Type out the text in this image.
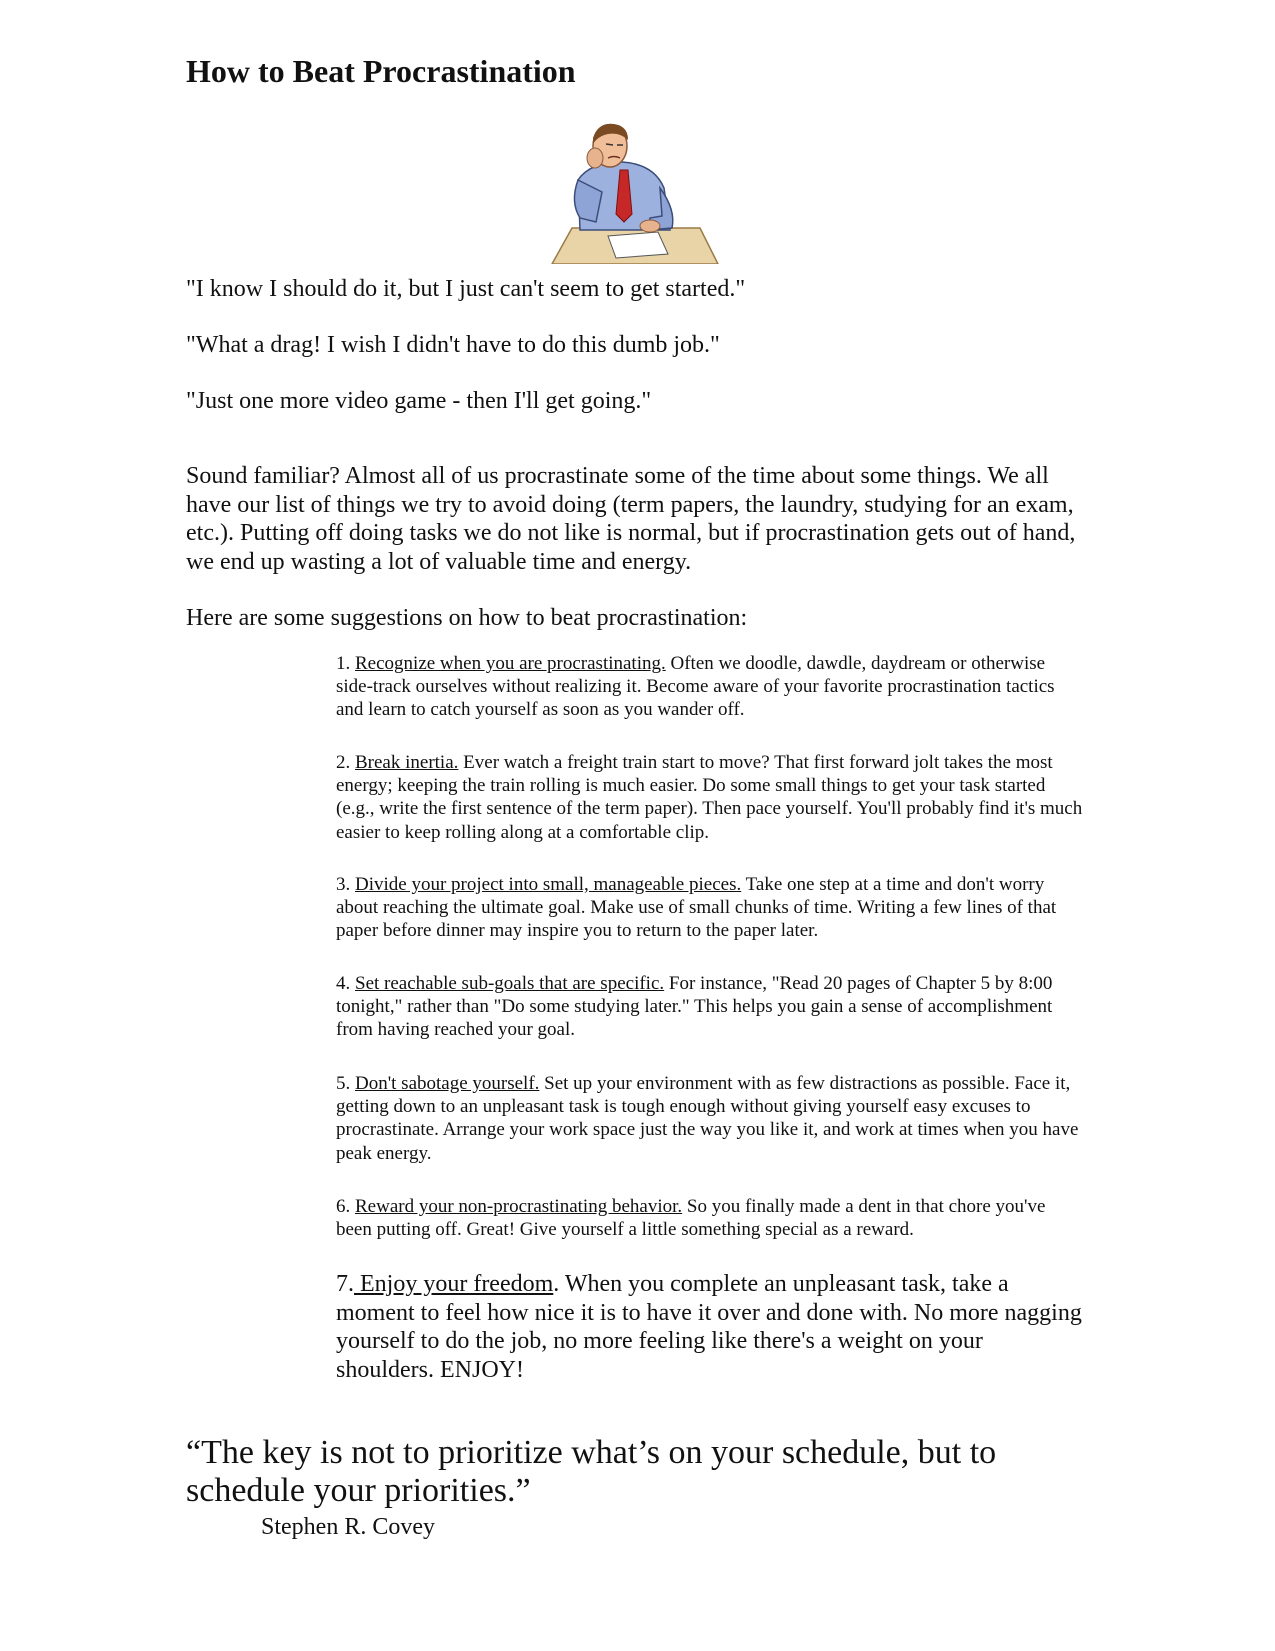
How to Beat Procrastination

"I know I should do it, but I just can't seem to get started."

"What a drag! I wish I didn't have to do this dumb job."

"Just one more video game - then I'll get going."

Sound familiar? Almost all of us procrastinate some of the time about some things. We all have our list of things we try to avoid doing (term papers, the laundry, studying for an exam, etc.). Putting off doing tasks we do not like is normal, but if procrastination gets out of hand, we end up wasting a lot of valuable time and energy.

Here are some suggestions on how to beat procrastination:

1. Recognize when you are procrastinating. Often we doodle, dawdle, daydream or otherwise side-track ourselves without realizing it. Become aware of your favorite procrastination tactics and learn to catch yourself as soon as you wander off.

2. Break inertia. Ever watch a freight train start to move? That first forward jolt takes the most energy; keeping the train rolling is much easier. Do some small things to get your task started (e.g., write the first sentence of the term paper). Then pace yourself. You'll probably find it's much easier to keep rolling along at a comfortable clip.

3. Divide your project into small, manageable pieces. Take one step at a time and don't worry about reaching the ultimate goal. Make use of small chunks of time. Writing a few lines of that paper before dinner may inspire you to return to the paper later.

4. Set reachable sub-goals that are specific. For instance, "Read 20 pages of Chapter 5 by 8:00 tonight," rather than "Do some studying later." This helps you gain a sense of accomplishment from having reached your goal.

5. Don't sabotage yourself. Set up your environment with as few distractions as possible. Face it, getting down to an unpleasant task is tough enough without giving yourself easy excuses to procrastinate. Arrange your work space just the way you like it, and work at times when you have peak energy.

6. Reward your non-procrastinating behavior. So you finally made a dent in that chore you've been putting off. Great! Give yourself a little something special as a reward.

7. Enjoy your freedom. When you complete an unpleasant task, take a moment to feel how nice it is to have it over and done with. No more nagging yourself to do the job, no more feeling like there's a weight on your shoulders. ENJOY!

“The key is not to prioritize what’s on your schedule, but to schedule your priorities.”

Stephen R. Covey
